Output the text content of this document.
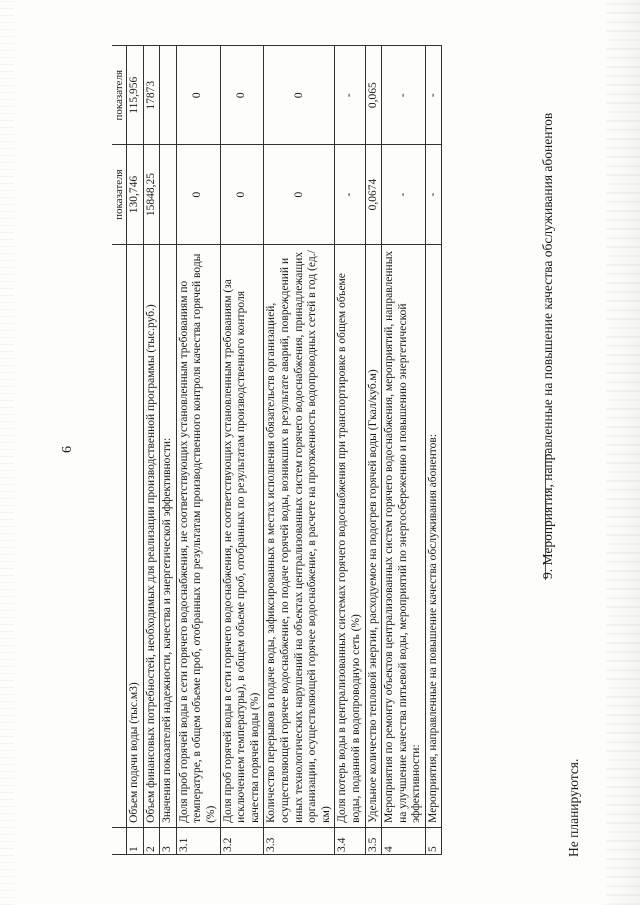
6
		показателя	показателя
1	Объем подачи воды (тыс.м3)	130,746	115,956
2	Объем финансовых потребностей, необходимых для реализации производственной программы (тыс.руб.)	15848,25	17873
3	Значения показателей надежности, качества и энергетической эффективности:		
3.1	Доля проб горячей воды в сети горячего водоснабжения, не соответствующих установленным требованиям по температуре, в общем объеме проб, отобранных по результатам производственного контроля качества горячей воды (%)	0	0
3.2	Доля проб горячей воды в сети горячего водоснабжения, не соответствующих установленным требованиям (за исключением температуры), в общем объеме проб, отобранных по результатам производственного контроля качества горячей воды (%)	0	0
3.3	Количество перерывов в подаче воды, зафиксированных в местах исполнения обязательств организацией, осуществляющей горячее водоснабжение, по подаче горячей воды, возникших в результате аварий, повреждений и иных технологических нарушений на объектах централизованных систем горячего водоснабжения, принадлежащих организации, осуществляющей горячее водоснабжение, в расчете на протяженность водопроводных сетей в год (ед./км)	0	0
3.4	Доля потерь воды в централизованных системах горячего водоснабжения при транспортировке в общем объеме воды, поданной в водопроводную сеть (%)	-	-
3.5	Удельное количество тепловой энергии, расходуемое на подогрев горячей воды (Гкал/куб.м)	0,0674	0,065
4	Мероприятия по ремонту объектов централизованных систем горячего водоснабжения, мероприятий, направленных на улучшение качества питьевой воды, мероприятий по энергосбережению и повышению энергетической эффективности:	-	-
5	Мероприятия, направленные на повышение качества обслуживания абонентов:	-	-
9. Мероприятия, направленные на повышение качества обслуживания абонентов
Не планируются.
